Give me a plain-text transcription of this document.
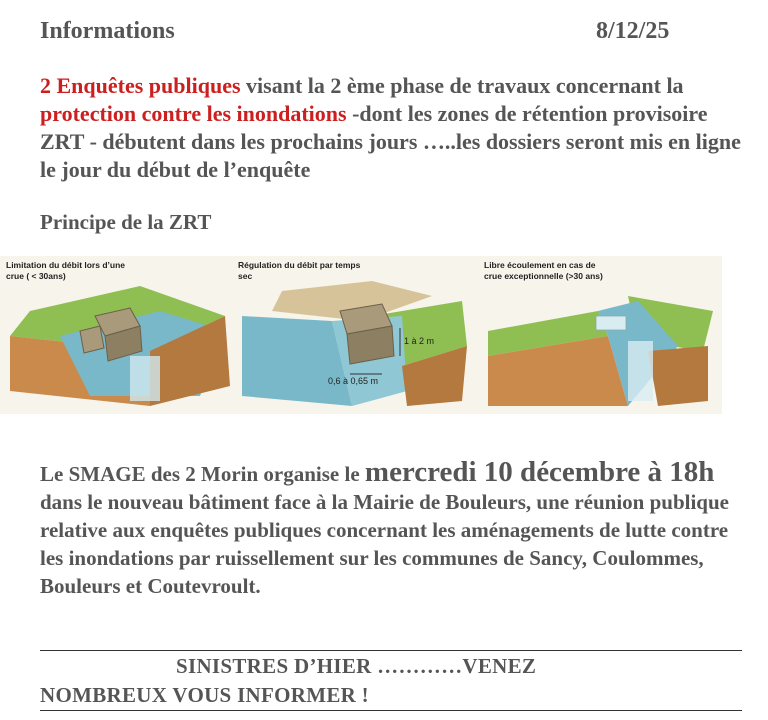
Informations	8/12/25
2 Enquêtes publiques visant la 2 ème phase de travaux concernant la protection contre les inondations -dont les zones de rétention provisoire ZRT - débutent dans les prochains jours …..les dossiers seront mis en ligne le jour du début de l’enquête
Principe de la ZRT
Limitation du débit lors d’une crue ( < 30ans)
Régulation du débit par temps sec
1 à 2 m
0,6 à 0,65 m
Libre écoulement en cas de crue exceptionnelle (>30 ans)
Le SMAGE des 2 Morin organise le mercredi 10 décembre à 18h dans le nouveau bâtiment face à la Mairie de Bouleurs, une réunion publique relative aux enquêtes publiques concernant les aménagements de lutte contre les inondations par ruissellement sur les communes de Sancy, Coulommes, Bouleurs et Coutevroult.
SINISTRES D’HIER …………VENEZ
NOMBREUX VOUS INFORMER !
